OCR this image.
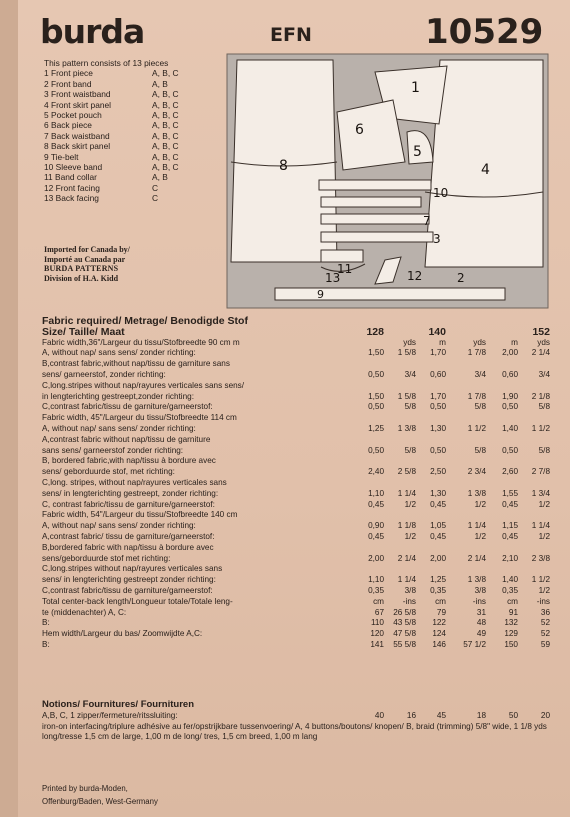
burda	EFN	10529
This pattern consists of 13 pieces
1 Front piece	A, B, C
2 Front band	A, B
3 Front waistband	A, B, C
4 Front skirt panel	A, B, C
5 Pocket pouch	A, B, C
6 Back piece	A, B, C
7 Back waistband	A, B, C
8 Back skirt panel	A, B, C
9 Tie-belt	A, B, C
10 Sleeve band	A, B, C
11 Band collar	A, B
12 Front facing	C
13 Back facing	C
Imported for Canada by/
Importé au Canada par
BURDA PATTERNS
Division of H.A. Kidd
8	4
1
6
5
10
7
3
11
13	12	2
9
Fabric required/ Metrage/ Benodigde Stof
Size/ Taille/ Maat	128	140	152
Fabric width,36"/Largeur du tissu/Stofbreedte 90 cm m	yds	m	yds	m	yds
A, without nap/ sans sens/ zonder richting:	1,50	1 5/8	1,70	1 7/8	2,00	2 1/4
B,contrast fabric,without nap/tissu de garniture sans
sens/ garneerstof, zonder richting:	0,50	3/4	0,60	3/4	0,60	3/4
C,long.stripes without nap/rayures verticales sans sens/
in lengterichting gestreept,zonder richting:	1,50	1 5/8	1,70	1 7/8	1,90	2 1/8
C,contrast fabric/tissu de garniture/garneerstof:	0,50	5/8	0,50	5/8	0,50	5/8
Fabric width, 45"/Largeur du tissu/Stofbreedte 114 cm
A, without nap/ sans sens/ zonder richting:	1,25	1 3/8	1,30	1 1/2	1,40	1 1/2
A,contrast fabric without nap/tissu de garniture
sans sens/ garneerstof zonder richting:	0,50	5/8	0,50	5/8	0,50	5/8
B, bordered fabric,with nap/tissu à bordure avec
sens/ geborduurde stof, met richting:	2,40	2 5/8	2,50	2 3/4	2,60	2 7/8
C,long. stripes, without nap/rayures verticales sans
sens/ in lengterichting gestreept, zonder richting:	1,10	1 1/4	1,30	1 3/8	1,55	1 3/4
C, contrast fabric/tissu de garniture/garneerstof:	0,45	1/2	0,45	1/2	0,45	1/2
Fabric width, 54"/Largeur du tissu/Stofbreedte 140 cm
A, without nap/ sans sens/ zonder richting:	0,90	1 1/8	1,05	1 1/4	1,15	1 1/4
A,contrast fabric/ tissu de garniture/garneerstof:	0,45	1/2	0,45	1/2	0,45	1/2
B,bordered fabric with nap/tissu à bordure avec
sens/geborduurde stof met richting:	2,00	2 1/4	2,00	2 1/4	2,10	2 3/8
C,long.stripes without nap/rayures verticales sans
sens/ in lengterichting gestreept zonder richting:	1,10	1 1/4	1,25	1 3/8	1,40	1 1/2
C,contrast fabric/tissu de garniture/garneerstof:	0,35	3/8	0,35	3/8	0,35	1/2
Total center-back length/Longueur totale/Totale leng-	cm	-ins	cm	-ins	cm	-ins
te (middenachter) A, C:	67	26 5/8	79	31	91	36
B:	110	43 5/8	122	48	132	52
Hem width/Largeur du bas/ Zoomwijdte A,C:	120	47 5/8	124	49	129	52
B:	141	55 5/8	146	57 1/2	150	59
Notions/ Fournitures/ Fournituren
A,B, C, 1 zipper/fermeture/ritssluiting:	40	16	45	18	50	20
iron-on interfacing/triplure adhésive au fer/opstrijkbare tussenvoering/ A, 4 buttons/boutons/ knopen/ B, braid (trimming) 5/8" wide, 1 1/8 yds long/tresse 1,5 cm de large, 1,00 m de long/ tres, 1,5 cm breed, 1,00 m lang
Printed by burda-Moden,
Offenburg/Baden, West-Germany
